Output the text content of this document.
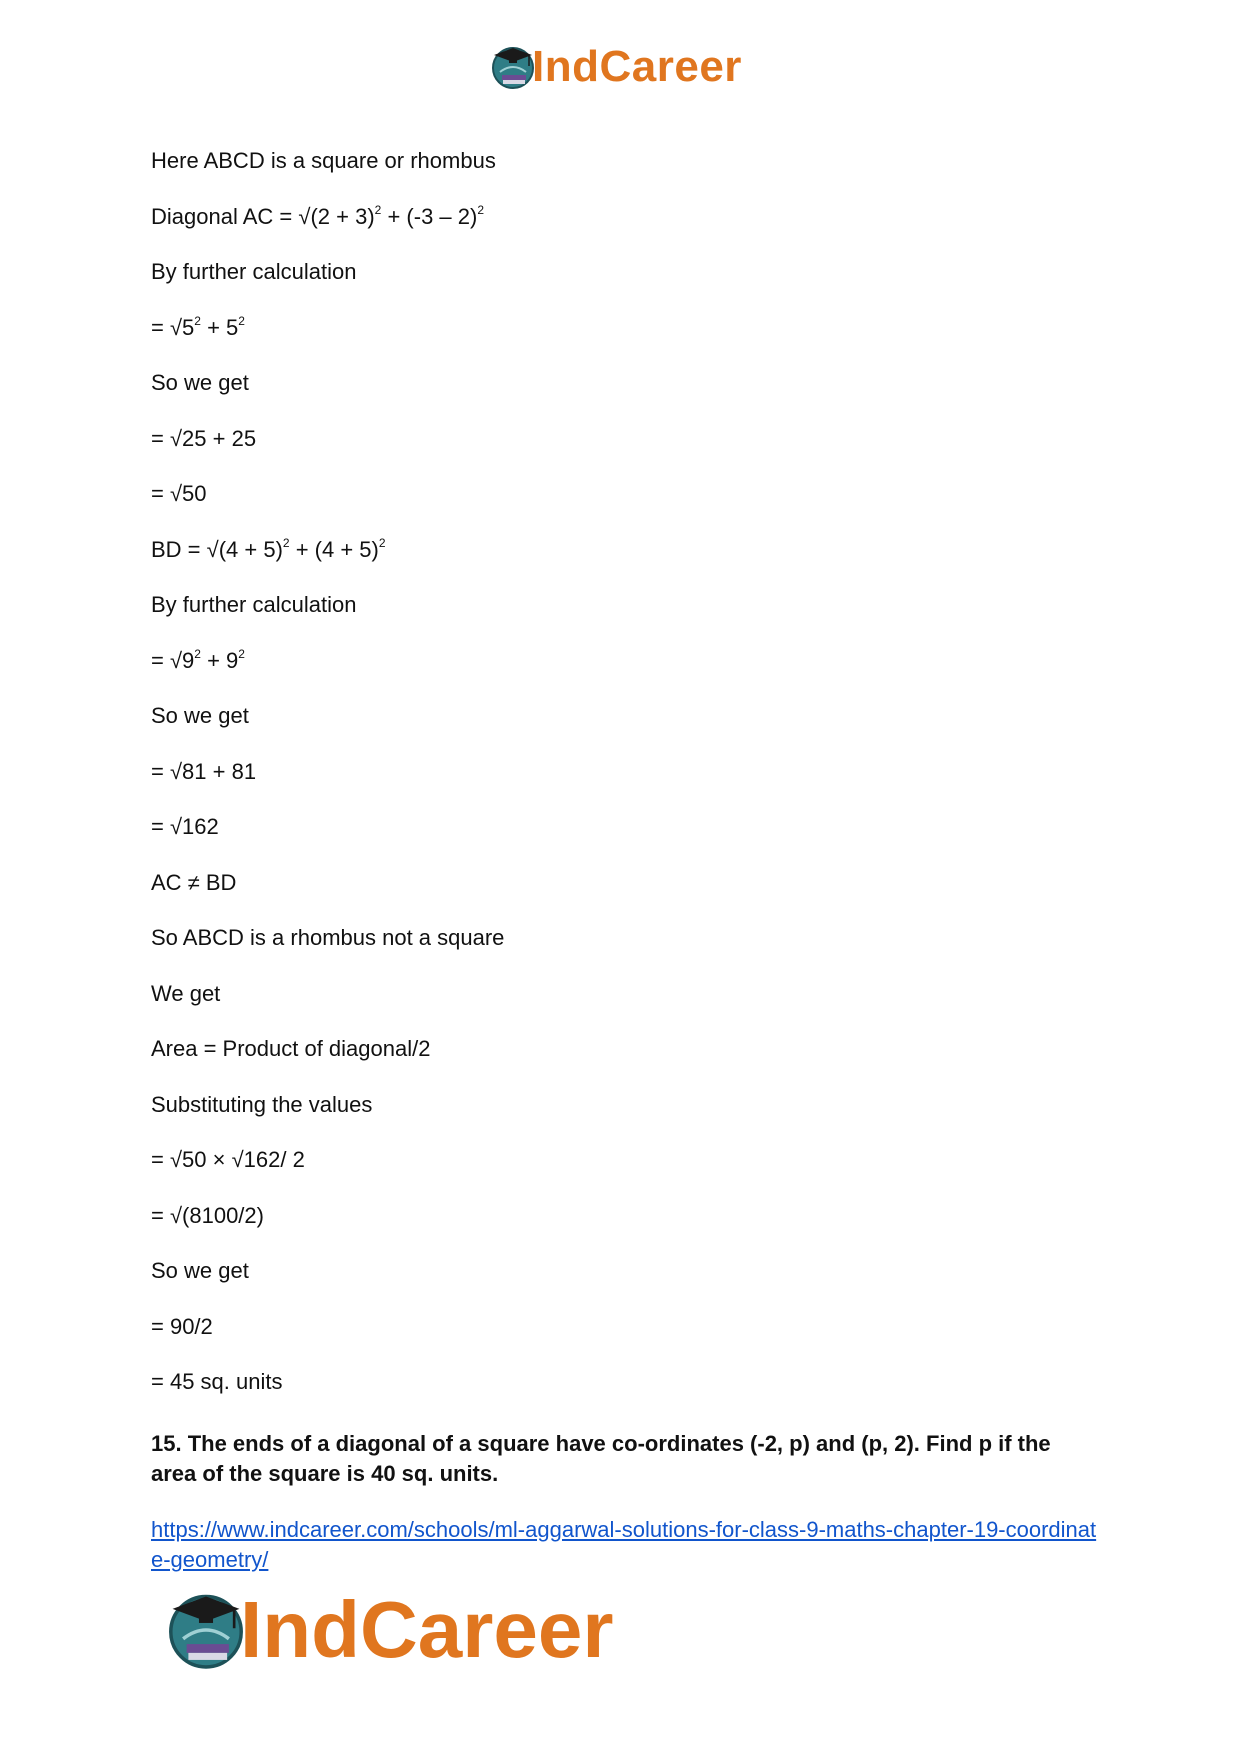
IndCareer
Here ABCD is a square or rhombus
Diagonal AC = $√(2 + 3)^2 + (-3 - 2)^2$
By further calculation
= $√5^2 + 5^2$
So we get
= √25 + 25
= √50
BD = $√(4 + 5)^2 + (4 + 5)^2$
By further calculation
= $√9^2 + 9^2$
So we get
= √81 + 81
= √162
AC ≠ BD
So ABCD is a rhombus not a square
We get
Area = Product of diagonal/2
Substituting the values
= √50 × √162/ 2
= √(8100/2)
So we get
= 90/2
= 45 sq. units
15. The ends of a diagonal of a square have co-ordinates (-2, p) and (p, 2). Find p if the area of the square is 40 sq. units.
https://www.indcareer.com/schools/ml-aggarwal-solutions-for-class-9-maths-chapter-19-coordinate-geometry/
IndCareer
